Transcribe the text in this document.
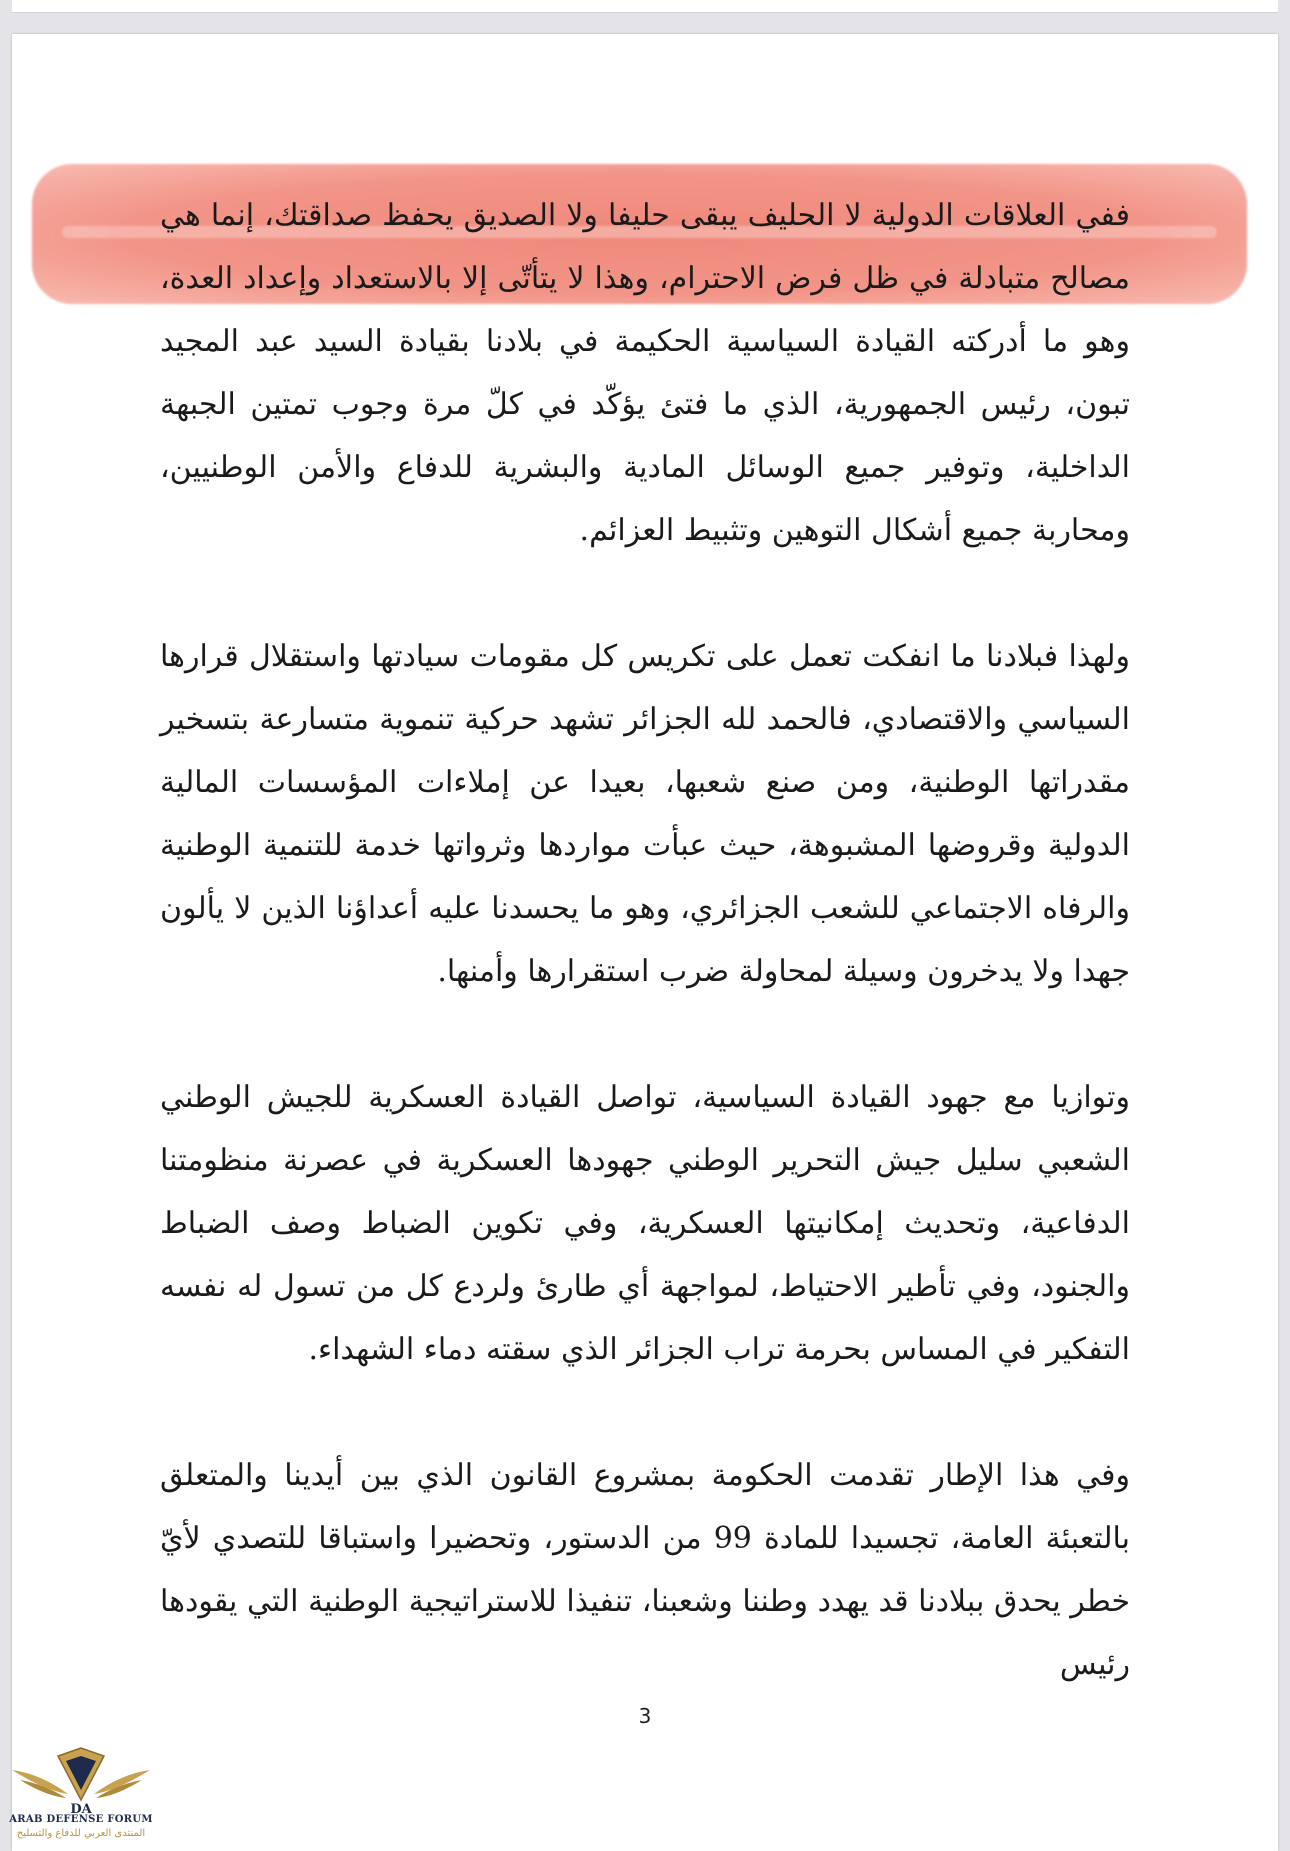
ففي العلاقات الدولية لا الحليف يبقى حليفا ولا الصديق يحفظ صداقتك، إنما هي مصالح متبادلة في ظل فرض الاحترام، وهذا لا يتأتّى إلا بالاستعداد وإعداد العدة، وهو ما أدركته القيادة السياسية الحكيمة في بلادنا بقيادة السيد عبد المجيد تبون، رئيس الجمهورية، الذي ما فتئ يؤكّد في كلّ مرة وجوب تمتين الجبهة الداخلية، وتوفير جميع الوسائل المادية والبشرية للدفاع والأمن الوطنيين، ومحاربة جميع أشكال التوهين وتثبيط العزائم.

ولهذا فبلادنا ما انفكت تعمل على تكريس كل مقومات سيادتها واستقلال قرارها السياسي والاقتصادي، فالحمد لله الجزائر تشهد حركية تنموية متسارعة بتسخير مقدراتها الوطنية، ومن صنع شعبها، بعيدا عن إملاءات المؤسسات المالية الدولية وقروضها المشبوهة، حيث عبأت مواردها وثرواتها خدمة للتنمية الوطنية والرفاه الاجتماعي للشعب الجزائري، وهو ما يحسدنا عليه أعداؤنا الذين لا يألون جهدا ولا يدخرون وسيلة لمحاولة ضرب استقرارها وأمنها.

وتوازيا مع جهود القيادة السياسية، تواصل القيادة العسكرية للجيش الوطني الشعبي سليل جيش التحرير الوطني جهودها العسكرية في عصرنة منظومتنا الدفاعية، وتحديث إمكانيتها العسكرية، وفي تكوين الضباط وصف الضباط والجنود، وفي تأطير الاحتياط، لمواجهة أي طارئ ولردع كل من تسول له نفسه التفكير في المساس بحرمة تراب الجزائر الذي سقته دماء الشهداء.

وفي هذا الإطار تقدمت الحكومة بمشروع القانون الذي بين أيدينا والمتعلق بالتعبئة العامة، تجسيدا للمادة 99 من الدستور، وتحضيرا واستباقا للتصدي لأيّ خطر يحدق ببلادنا قد يهدد وطننا وشعبنا، تنفيذا للاستراتيجية الوطنية التي يقودها رئيس

3
DA
ARAB DEFENSE FORUM
المنتدى العربي للدفاع والتسليح
